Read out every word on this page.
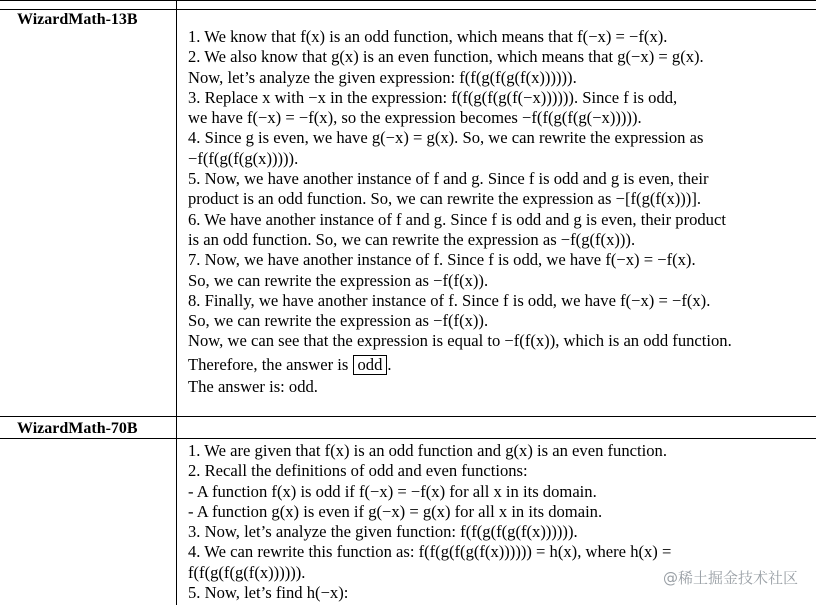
WizardMath-13B
1. We know that f(x) is an odd function, which means that f(−x) = −f(x).
2. We also know that g(x) is an even function, which means that g(−x) = g(x).
Now, let’s analyze the given expression: f(f(g(f(g(f(x)))))).
3. Replace x with −x in the expression: f(f(g(f(g(f(−x)))))). Since f is odd,
we have f(−x) = −f(x), so the expression becomes −f(f(g(f(g(−x))))).
4. Since g is even, we have g(−x) = g(x). So, we can rewrite the expression as
−f(f(g(f(g(x))))).
5. Now, we have another instance of f and g. Since f is odd and g is even, their
product is an odd function. So, we can rewrite the expression as −[f(g(f(x)))].
6. We have another instance of f and g. Since f is odd and g is even, their product
is an odd function. So, we can rewrite the expression as −f(g(f(x))).
7. Now, we have another instance of f. Since f is odd, we have f(−x) = −f(x).
So, we can rewrite the expression as −f(f(x)).
8. Finally, we have another instance of f. Since f is odd, we have f(−x) = −f(x).
So, we can rewrite the expression as −f(f(x)).
Now, we can see that the expression is equal to −f(f(x)), which is an odd function.
Therefore, the answer is odd .
The answer is: odd.
WizardMath-70B
1. We are given that f(x) is an odd function and g(x) is an even function.
2. Recall the definitions of odd and even functions:
- A function f(x) is odd if f(−x) = −f(x) for all x in its domain.
- A function g(x) is even if g(−x) = g(x) for all x in its domain.
3. Now, let’s analyze the given function: f(f(g(f(g(f(x)))))).
4. We can rewrite this function as: f(f(g(f(g(f(x)))))) = h(x), where h(x) =
f(f(g(f(g(f(x)))))).
5. Now, let’s find h(−x):
@稀土掘金技术社区
